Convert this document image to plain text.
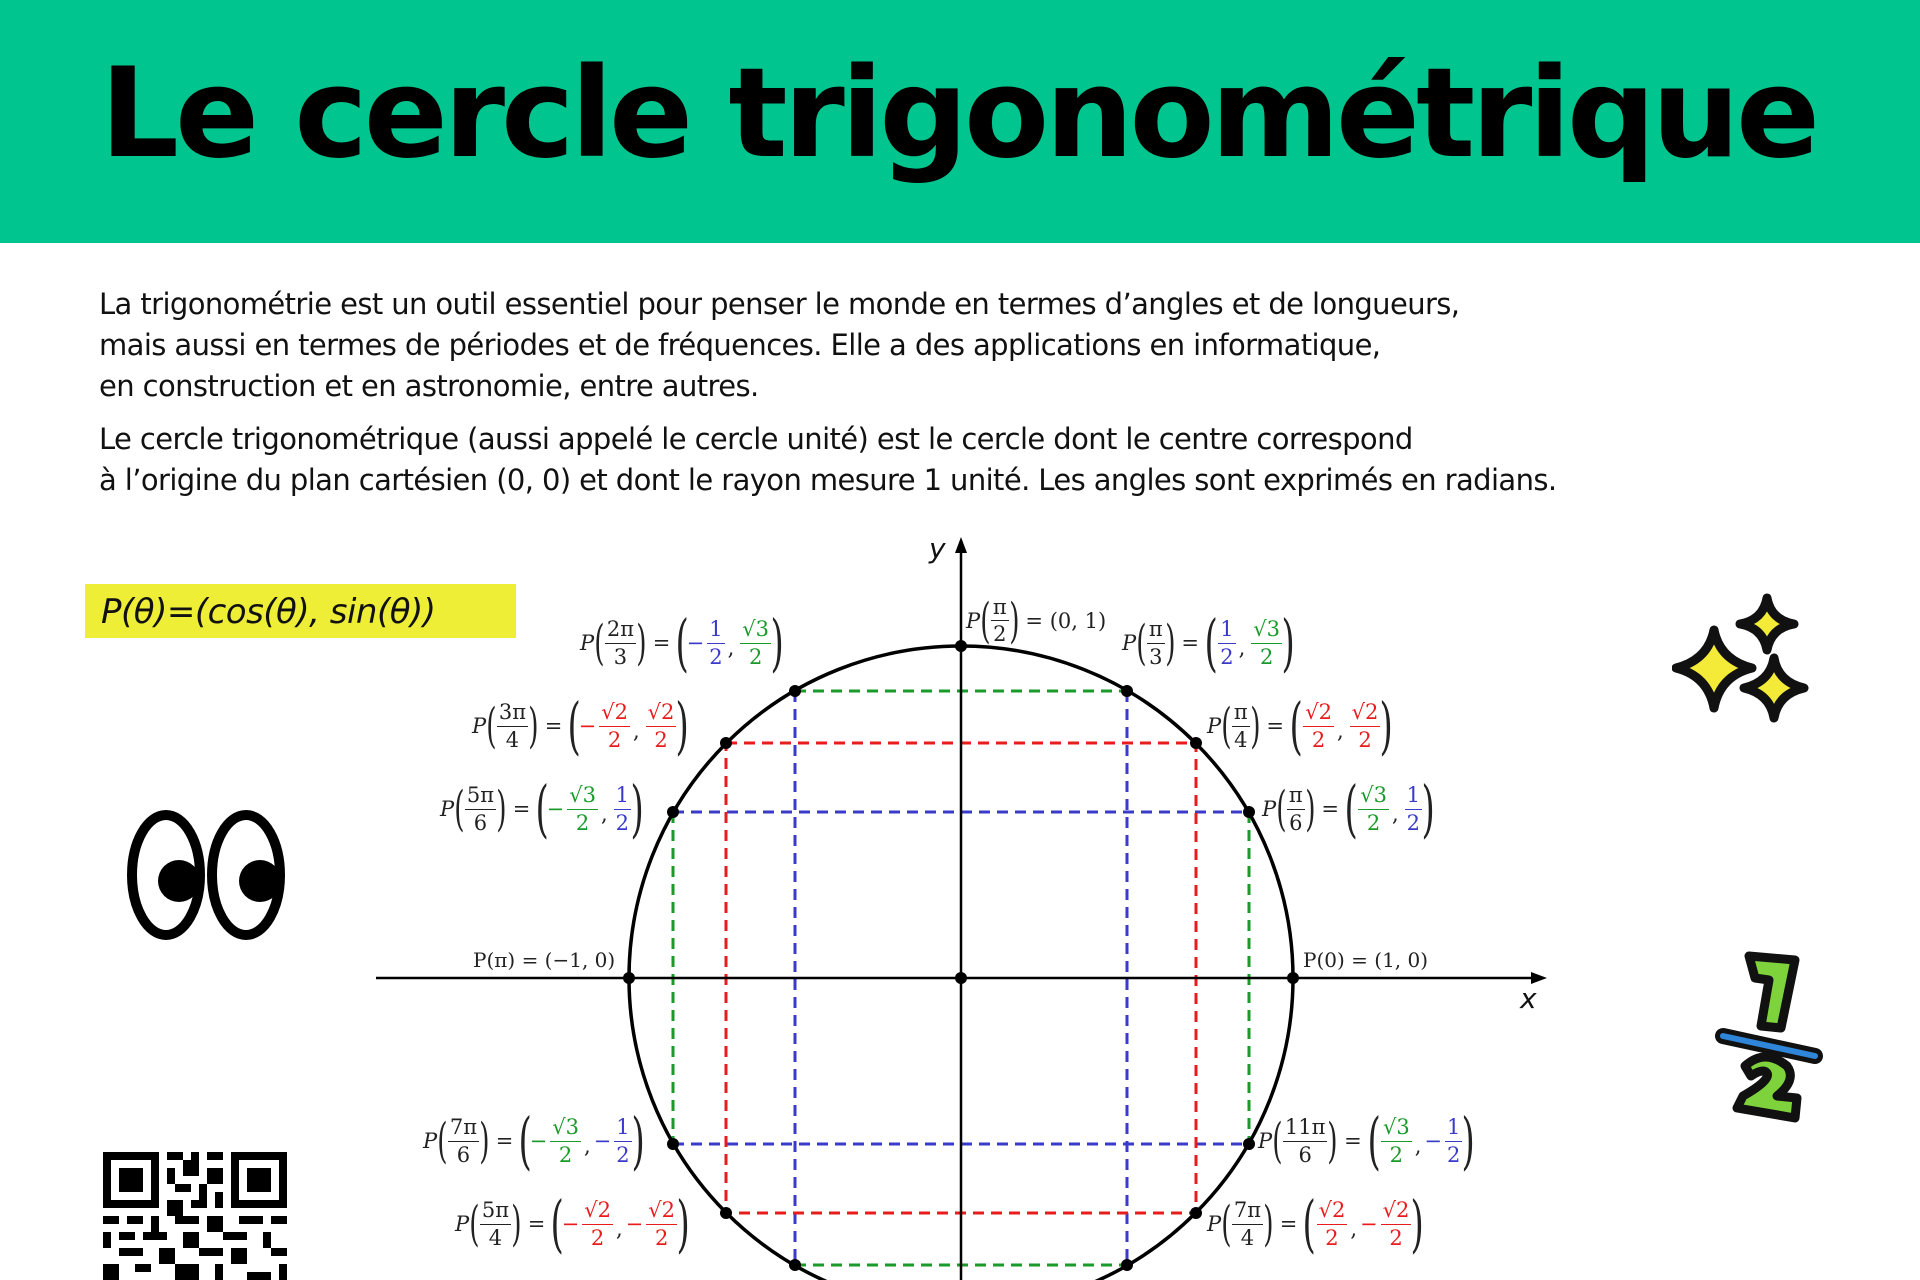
Le cercle trigonométrique

La trigonométrie est un outil essentiel pour penser le monde en termes d’angles et de longueurs,
mais aussi en termes de périodes et de fréquences. Elle a des applications en informatique,
en construction et en astronomie, entre autres.

Le cercle trigonométrique (aussi appelé le cercle unité) est le cercle dont le centre correspond
à l’origine du plan cartésien (0, 0) et dont le rayon mesure 1 unité. Les angles sont exprimés en radians.

P(θ)=(cos(θ), sin(θ))
y
x
P(0) = (1, 0)
P(π) = (−1, 0)
P ( $\frac{\pi}{2}$ ) = (0, 1)
P ( $\frac{\pi}{6}$ ) = ( $\frac{√3}{2}$ , $\frac{1}{2}$ )
P ( $\frac{\pi}{4}$ ) = ( $\frac{√2}{2}$ , $\frac{√2}{2}$ )
P ( $\frac{\pi}{3}$ ) = ( $\frac{1}{2}$ , $\frac{√3}{2}$ )
P ( $\frac{2\pi}{3}$ ) = (
− $\frac{1}{2}$ , $\frac{√3}{2}$ )
P ( $\frac{3\pi}{4}$ ) = (
− $\frac{√2}{2}$ , $\frac{√2}{2}$ )
P ( $\frac{5\pi}{6}$ ) = (
− $\frac{√3}{2}$ , $\frac{1}{2}$ )
P ( $\frac{7\pi}{6}$ ) = (
− $\frac{√3}{2}$ , − $\frac{1}{2}$ )
P ( $\frac{5\pi}{4}$ ) = (
− $\frac{√2}{2}$ , − $\frac{√2}{2}$ )
P ( $\frac{11\pi}{6}$ ) = ( $\frac{√3}{2}$ , − $\frac{1}{2}$ )
P ( $\frac{7\pi}{4}$ ) = ( $\frac{√2}{2}$ , − $\frac{√2}{2}$ )
